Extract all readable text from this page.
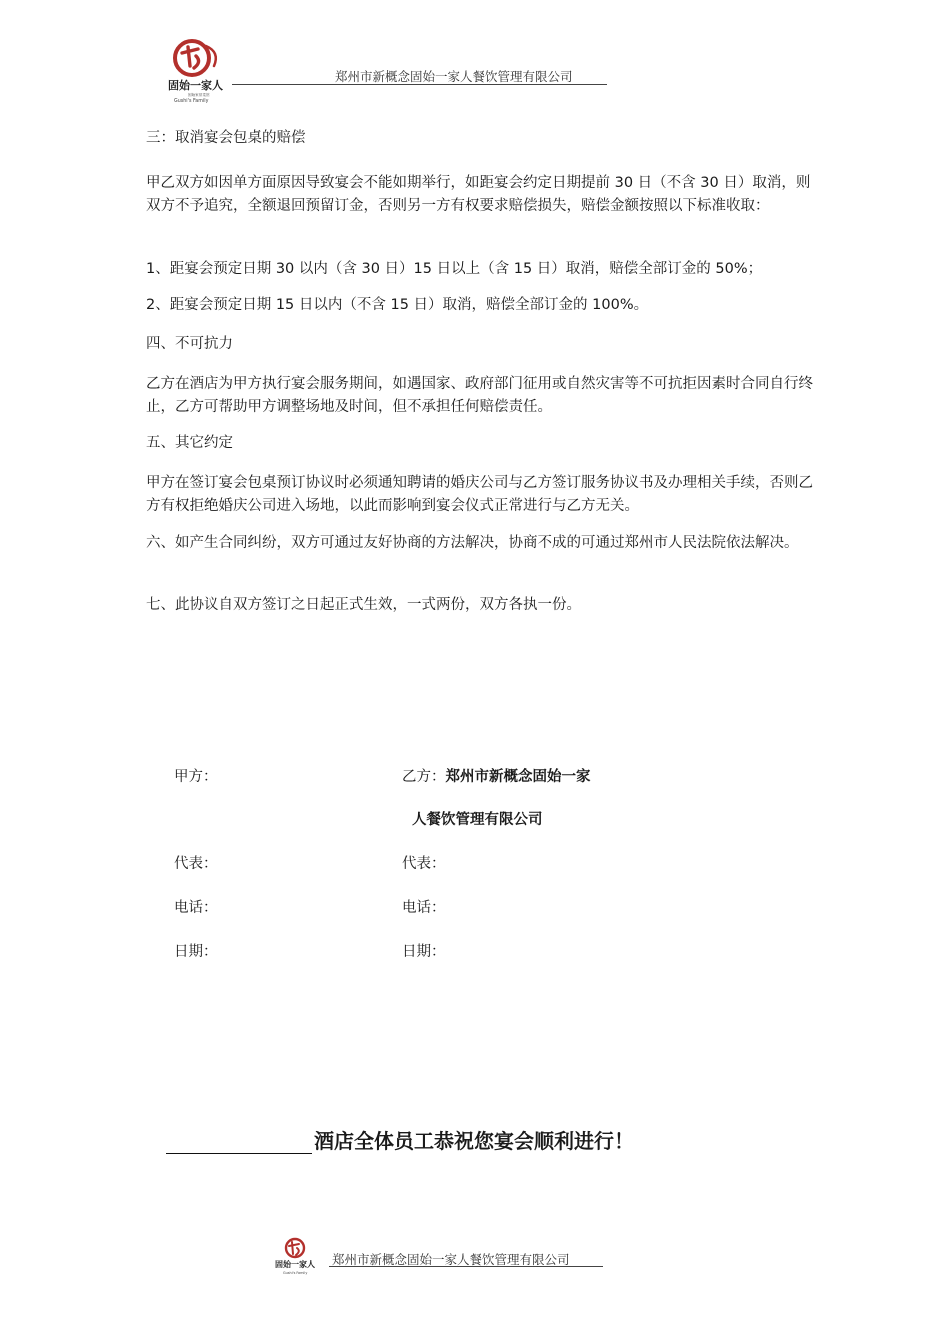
固始一家人
固始家常菜馆
Gushi's Family
郑州市新概念固始一家人餐饮管理有限公司

三：取消宴会包桌的赔偿

甲乙双方如因单方面原因导致宴会不能如期举行，如距宴会约定日期提前 30 日（不含 30 日）取消，则双方不予追究，全额退回预留订金，否则另一方有权要求赔偿损失，赔偿金额按照以下标准收取：

1、距宴会预定日期 30 以内（含 30 日）15 日以上（含 15 日）取消，赔偿全部订金的 50%；

2、距宴会预定日期 15 日以内（不含 15 日）取消，赔偿全部订金的 100%。

四、不可抗力

乙方在酒店为甲方执行宴会服务期间，如遇国家、政府部门征用或自然灾害等不可抗拒因素时合同自行终止，乙方可帮助甲方调整场地及时间，但不承担任何赔偿责任。

五、其它约定

甲方在签订宴会包桌预订协议时必须通知聘请的婚庆公司与乙方签订服务协议书及办理相关手续，否则乙方有权拒绝婚庆公司进入场地，以此而影响到宴会仪式正常进行与乙方无关。

六、如产生合同纠纷，双方可通过友好协商的方法解决，协商不成的可通过郑州市人民法院依法解决。

七、此协议自双方签订之日起正式生效，一式两份，双方各执一份。

甲方：	乙方：郑州市新概念固始一家
人餐饮管理有限公司
代表：	代表：
电话：	电话：
日期：	日期：
酒店全体员工恭祝您宴会顺利进行！
固始一家人
Gushi's Family
郑州市新概念固始一家人餐饮管理有限公司
